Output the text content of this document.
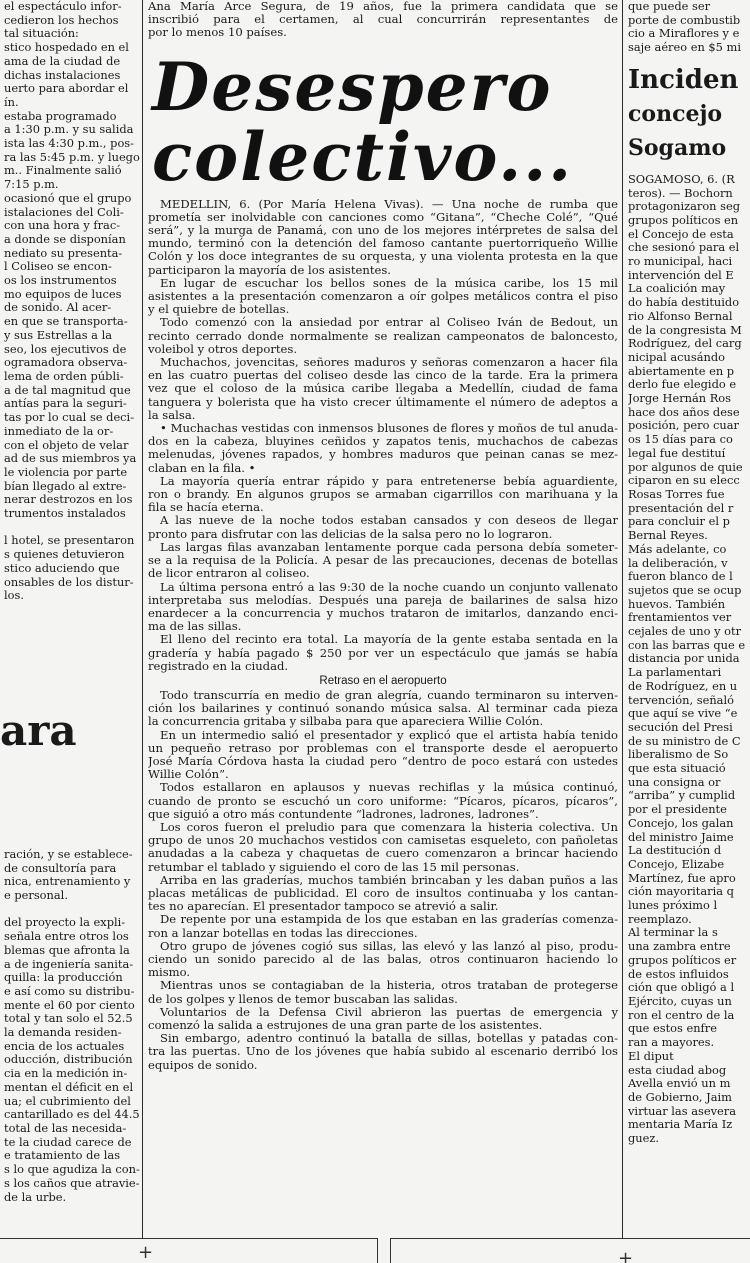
el espectáculo infor-

cedieron los hechos

tal situación:

stico hospedado en el

ama de la ciudad de

dichas instalaciones

uerto para abordar el

ín.

estaba programado

a 1:30 p.m. y su salida

ista las 4:30 p.m., pos-

ra las 5:45 p.m. y luego

m.. Finalmente salió

7:15 p.m.

ocasionó que el grupo

istalaciones del Coli-

con una hora y frac-

a donde se disponían

nediato su presenta-

l Coliseo se encon-

os los instrumentos

mo equipos de luces

de sonido. Al acer-

en que se transporta-

y sus Estrellas a la

seo, los ejecutivos de

ogramadora observa-

lema de orden públi-

a de tal magnitud que

antías para la seguri-

tas por lo cual se deci-

inmediato de la or-

con el objeto de velar

ad de sus miembros ya

le violencia por parte

bían llegado al extre-

nerar destrozos en los

trumentos instalados

l hotel, se presentaron

s quienes detuvieron

stico aduciendo que

onsables de los distur-

los.

ara

ración, y se establece-

de consultoría para

nica, entrenamiento y

e personal.

del proyecto la expli-

señala entre otros los

blemas que afronta la

a de ingeniería sanita-

quilla: la producción

e así como su distribu-

mente el 60 por ciento

total y tan solo el 52.5

la demanda residen-

encia de los actuales

oducción, distribución

cia en la medición in-

mentan el déficit en el

ua; el cubrimiento del

cantarillado es del 44.5

total de las necesida-

te la ciudad carece de

e tratamiento de las

s lo que agudiza la con-

s los caños que atravie-

de la urbe.

Ana María Arce Segura, de 19 años, fue la primera candidata que se

inscribió para el certamen, al cual concurrirán representantes de

por lo menos 10 países.

Desespero

colectivo...

MEDELLIN, 6. (Por María Helena Vivas). — Una noche de rumba que

prometía ser inolvidable con canciones como “Gitana”, “Cheche Colé”, “Qué

será”, y la murga de Panamá, con uno de los mejores intérpretes de salsa del

mundo, terminó con la detención del famoso cantante puertorriqueño Willie

Colón y los doce integrantes de su orquesta, y una violenta protesta en la que

participaron la mayoría de los asistentes.

En lugar de escuchar los bellos sones de la música caribe, los 15 mil

asistentes a la presentación comenzaron a oír golpes metálicos contra el piso

y el quiebre de botellas.

Todo comenzó con la ansiedad por entrar al Coliseo Iván de Bedout, un

recinto cerrado donde normalmente se realizan campeonatos de baloncesto,

voleibol y otros deportes.

Muchachos, jovencitas, señores maduros y señoras comenzaron a hacer fila

en las cuatro puertas del coliseo desde las cinco de la tarde. Era la primera

vez que el coloso de la música caribe llegaba a Medellín, ciudad de fama

tanguera y bolerista que ha visto crecer últimamente el número de adeptos a

la salsa.

• Muchachas vestidas con inmensos blusones de flores y moños de tul anuda-

dos en la cabeza, bluyines ceñidos y zapatos tenis, muchachos de cabezas

melenudas, jóvenes rapados, y hombres maduros que peinan canas se mez-

claban en la fila. •

La mayoría quería entrar rápido y para entretenerse bebía aguardiente,

ron o brandy. En algunos grupos se armaban cigarrillos con marihuana y la

fila se hacía eterna.

A las nueve de la noche todos estaban cansados y con deseos de llegar

pronto para disfrutar con las delicias de la salsa pero no lo lograron.

Las largas filas avanzaban lentamente porque cada persona debía someter-

se a la requisa de la Policía. A pesar de las precauciones, decenas de botellas

de licor entraron al coliseo.

La última persona entró a las 9:30 de la noche cuando un conjunto vallenato

interpretaba sus melodías. Después una pareja de bailarines de salsa hizo

enardecer a la concurrencia y muchos trataron de imitarlos, danzando enci-

ma de las sillas.

El lleno del recinto era total. La mayoría de la gente estaba sentada en la

gradería y había pagado $ 250 por ver un espectáculo que jamás se había

registrado en la ciudad.

Retraso en el aeropuerto

Todo transcurría en medio de gran alegría, cuando terminaron su interven-

ción los bailarines y continuó sonando música salsa. Al terminar cada pieza

la concurrencia gritaba y silbaba para que apareciera Willie Colón.

En un intermedio salió el presentador y explicó que el artista había tenido

un pequeño retraso por problemas con el transporte desde el aeropuerto

José María Córdova hasta la ciudad pero “dentro de poco estará con ustedes

Willie Colón”.

Todos estallaron en aplausos y nuevas rechiflas y la música continuó,

cuando de pronto se escuchó un coro uniforme: “Pícaros, pícaros, pícaros”,

que siguió a otro más contundente “ladrones, ladrones, ladrones”.

Los coros fueron el preludio para que comenzara la histeria colectiva. Un

grupo de unos 20 muchachos vestidos con camisetas esqueleto, con pañoletas

anudadas a la cabeza y chaquetas de cuero comenzaron a brincar haciendo

retumbar el tablado y siguiendo el coro de las 15 mil personas.

Arriba en las graderías, muchos también brincaban y les daban puños a las

placas metálicas de publicidad. El coro de insultos continuaba y los cantan-

tes no aparecían. El presentador tampoco se atrevió a salir.

De repente por una estampida de los que estaban en las graderías comenza-

ron a lanzar botellas en todas las direcciones.

Otro grupo de jóvenes cogió sus sillas, las elevó y las lanzó al piso, produ-

ciendo un sonido parecido al de las balas, otros continuaron haciendo lo

mismo.

Mientras unos se contagiaban de la histeria, otros trataban de protegerse

de los golpes y llenos de temor buscaban las salidas.

Voluntarios de la Defensa Civil abrieron las puertas de emergencia y

comenzó la salida a estrujones de una gran parte de los asistentes.

Sin embargo, adentro continuó la batalla de sillas, botellas y patadas con-

tra las puertas. Uno de los jóvenes que había subido al escenario derribó los

equipos de sonido.

que puede ser

porte de combustib

cio a Miraflores y e

saje aéreo en $5 mi

Inciden

concejo

Sogamo

SOGAMOSO, 6. (R

teros). — Bochorn

protagonizaron seg

grupos políticos en

el Concejo de esta

che sesionó para el

ro municipal, haci

intervención del E

La coalición may

do había destituido

rio Alfonso Bernal

de la congresista M

Rodríguez, del carg

nicipal acusándo

abiertamente en p

derlo fue elegido e

Jorge Hernán Ros

hace dos años dese

posición, pero cuar

os 15 días para co

legal fue destituí

por algunos de quie

ciparon en su elecc

Rosas Torres fue

presentación del r

para concluir el p

Bernal Reyes.

Más adelante, co

la deliberación, v

fueron blanco de l

sujetos que se ocup

huevos. También

frentamientos ver

cejales de uno y otr

con las barras que e

distancia por unida

La parlamentari

de Rodríguez, en u

tervención, señaló

que aquí se vive “e

secución del Presi

de su ministro de C

liberalismo de So

que esta situació

una consigna or

“arriba” y cumplid

por el presidente

Concejo, los galan

del ministro Jaime

La destitución d

Concejo, Elizabe

Martínez, fue apro

ción mayoritaria q

lunes próximo l

reemplazo.

Al terminar la s

una zambra entre

grupos políticos er

de estos influidos

ción que obligó a l

Ejército, cuyas un

ron el centro de la

que estos enfre

ran a mayores.

El diput

esta ciudad abog

Avella envió un m

de Gobierno, Jaim

virtuar las asevera

mentaria María Iz

guez.

+	+
